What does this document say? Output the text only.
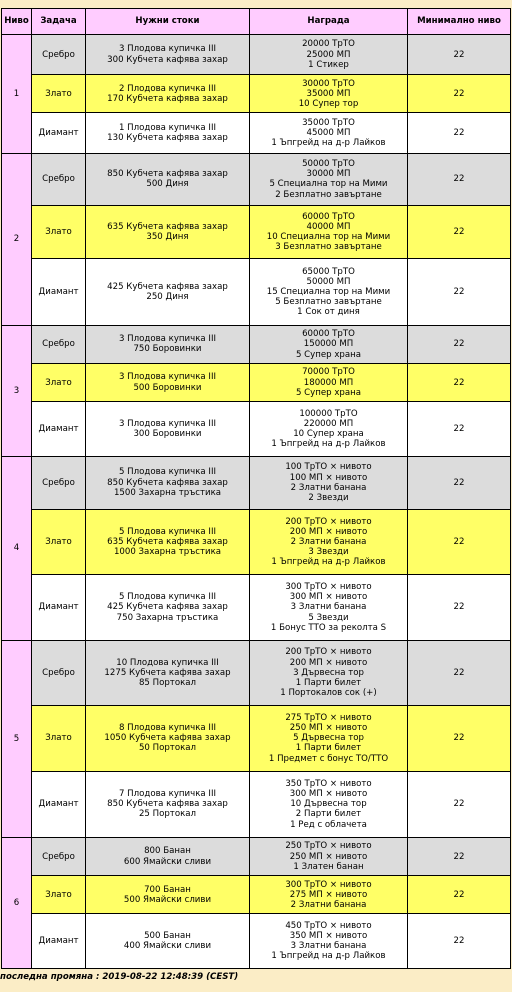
Ниво	Задача	Нужни стоки	Награда	Минимално ниво
1	Сребро	3 Плодова купичка III
300 Кубчета кафява захар	20000 ТрТО
25000 МП
1 Стикер	22
	Злато	2 Плодова купичка III
170 Кубчета кафява захар	30000 ТрТО
35000 МП
10 Супер тор	22
	Диамант	1 Плодова купичка III
130 Кубчета кафява захар	35000 ТрТО
45000 МП
1 Ъпгрейд на д-р Лайков	22
2	Сребро	850 Кубчета кафява захар
500 Диня	50000 ТрТО
30000 МП
5 Специална тор на Мими
2 Безплатно завъртане	22
	Злато	635 Кубчета кафява захар
350 Диня	60000 ТрТО
40000 МП
10 Специална тор на Мими
3 Безплатно завъртане	22
	Диамант	425 Кубчета кафява захар
250 Диня	65000 ТрТО
50000 МП
15 Специална тор на Мими
5 Безплатно завъртане
1 Сок от диня	22
3	Сребро	3 Плодова купичка III
750 Боровинки	60000 ТрТО
150000 МП
5 Супер храна	22
	Злато	3 Плодова купичка III
500 Боровинки	70000 ТрТО
180000 МП
5 Супер храна	22
	Диамант	3 Плодова купичка III
300 Боровинки	100000 ТрТО
220000 МП
10 Супер храна
1 Ъпгрейд на д-р Лайков	22
4	Сребро	5 Плодова купичка III
850 Кубчета кафява захар
1500 Захарна тръстика	100 ТрТО × нивото
100 МП × нивото
2 Златни банана
2 Звезди	22
	Злато	5 Плодова купичка III
635 Кубчета кафява захар
1000 Захарна тръстика	200 ТрТО × нивото
200 МП × нивото
2 Златни банана
3 Звезди
1 Ъпгрейд на д-р Лайков	22
	Диамант	5 Плодова купичка III
425 Кубчета кафява захар
750 Захарна тръстика	300 ТрТО × нивото
300 МП × нивото
3 Златни банана
5 Звезди
1 Бонус ТТО за реколта S	22
5	Сребро	10 Плодова купичка III
1275 Кубчета кафява захар
85 Портокал	200 ТрТО × нивото
200 МП × нивото
3 Дървесна тор
1 Парти билет
1 Портокалов сок (+)	22
	Злато	8 Плодова купичка III
1050 Кубчета кафява захар
50 Портокал	275 ТрТО × нивото
250 МП × нивото
5 Дървесна тор
1 Парти билет
1 Предмет с бонус ТО/ТТО	22
	Диамант	7 Плодова купичка III
850 Кубчета кафява захар
25 Портокал	350 ТрТО × нивото
300 МП × нивото
10 Дървесна тор
2 Парти билет
1 Ред с облачета	22
6	Сребро	800 Банан
600 Ямайски сливи	250 ТрТО × нивото
250 МП × нивото
1 Златен банан	22
	Злато	700 Банан
500 Ямайски сливи	300 ТрТО × нивото
275 МП × нивото
2 Златни банана	22
	Диамант	500 Банан
400 Ямайски сливи	450 ТрТО × нивото
350 МП × нивото
3 Златни банана
1 Ъпгрейд на д-р Лайков	22
последна промяна : 2019-08-22 12:48:39 (CEST)
